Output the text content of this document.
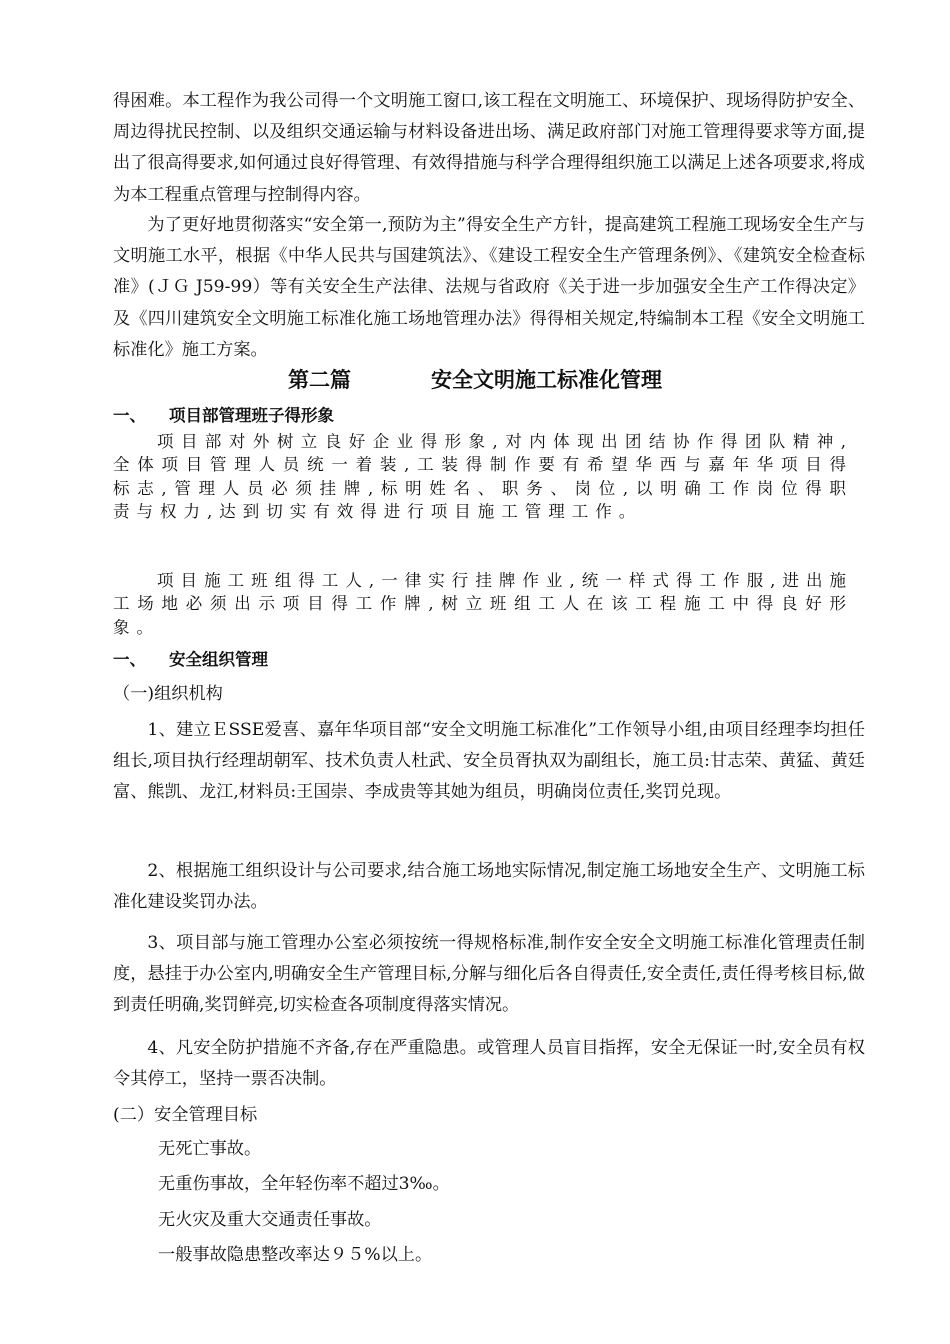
得困难。本工程作为我公司得一个文明施工窗口,该工程在文明施工、环境保护、现场得防护安全、周边得扰民控制、以及组织交通运输与材料设备进出场、满足政府部门对施工管理得要求等方面,提出了很高得要求,如何通过良好得管理、有效得措施与科学合理得组织施工以满足上述各项要求,将成为本工程重点管理与控制得内容。
为了更好地贯彻落实“安全第一,预防为主”得安全生产方针，提高建筑工程施工现场安全生产与文明施工水平，根据《中华人民共与国建筑法》、《建设工程安全生产管理条例》、《建筑安全检查标准》(ＪＧ J59-99）等有关安全生产法律、法规与省政府《关于进一步加强安全生产工作得决定》及《四川建筑安全文明施工标准化施工场地管理办法》得得相关规定,特编制本工程《安全文明施工标准化》施工方案。
第二篇	安全文明施工标准化管理
一、 项目部管理班子得形象
项目部对外树立良好企业得形象,对内体现出团结协作得团队精神,全体项目管理人员统一着装,工装得制作要有希望华西与嘉年华项目得标志,管理人员必须挂牌,标明姓名、职务、岗位,以明确工作岗位得职责与权力,达到切实有效得进行项目施工管理工作。
项目施工班组得工人,一律实行挂牌作业,统一样式得工作服,进出施工场地必须出示项目得工作牌,树立班组工人在该工程施工中得良好形象。
一、 安全组织管理
（一)组织机构
1、建立ＥSSE爱喜、嘉年华项目部“安全文明施工标准化”工作领导小组,由项目经理李均担任组长,项目执行经理胡朝军、技术负责人杜武、安全员胥执双为副组长，施工员:甘志荣、黄猛、黄廷富、熊凯、龙江,材料员:王国崇、李成贵等其她为组员，明确岗位责任,奖罚兑现。
2、根据施工组织设计与公司要求,结合施工场地实际情况,制定施工场地安全生产、文明施工标准化建设奖罚办法。
3、项目部与施工管理办公室必须按统一得规格标准,制作安全安全文明施工标准化管理责任制度，悬挂于办公室内,明确安全生产管理目标,分解与细化后各自得责任,安全责任,责任得考核目标,做到责任明确,奖罚鲜亮,切实检查各项制度得落实情况。
4、凡安全防护措施不齐备,存在严重隐患。或管理人员盲目指挥，安全无保证一时,安全员有权令其停工，坚持一票否决制。
(二）安全管理目标
无死亡事故。
无重伤事故，全年轻伤率不超过3‰。
无火灾及重大交通责任事故。
一般事故隐患整改率达９５%以上。
